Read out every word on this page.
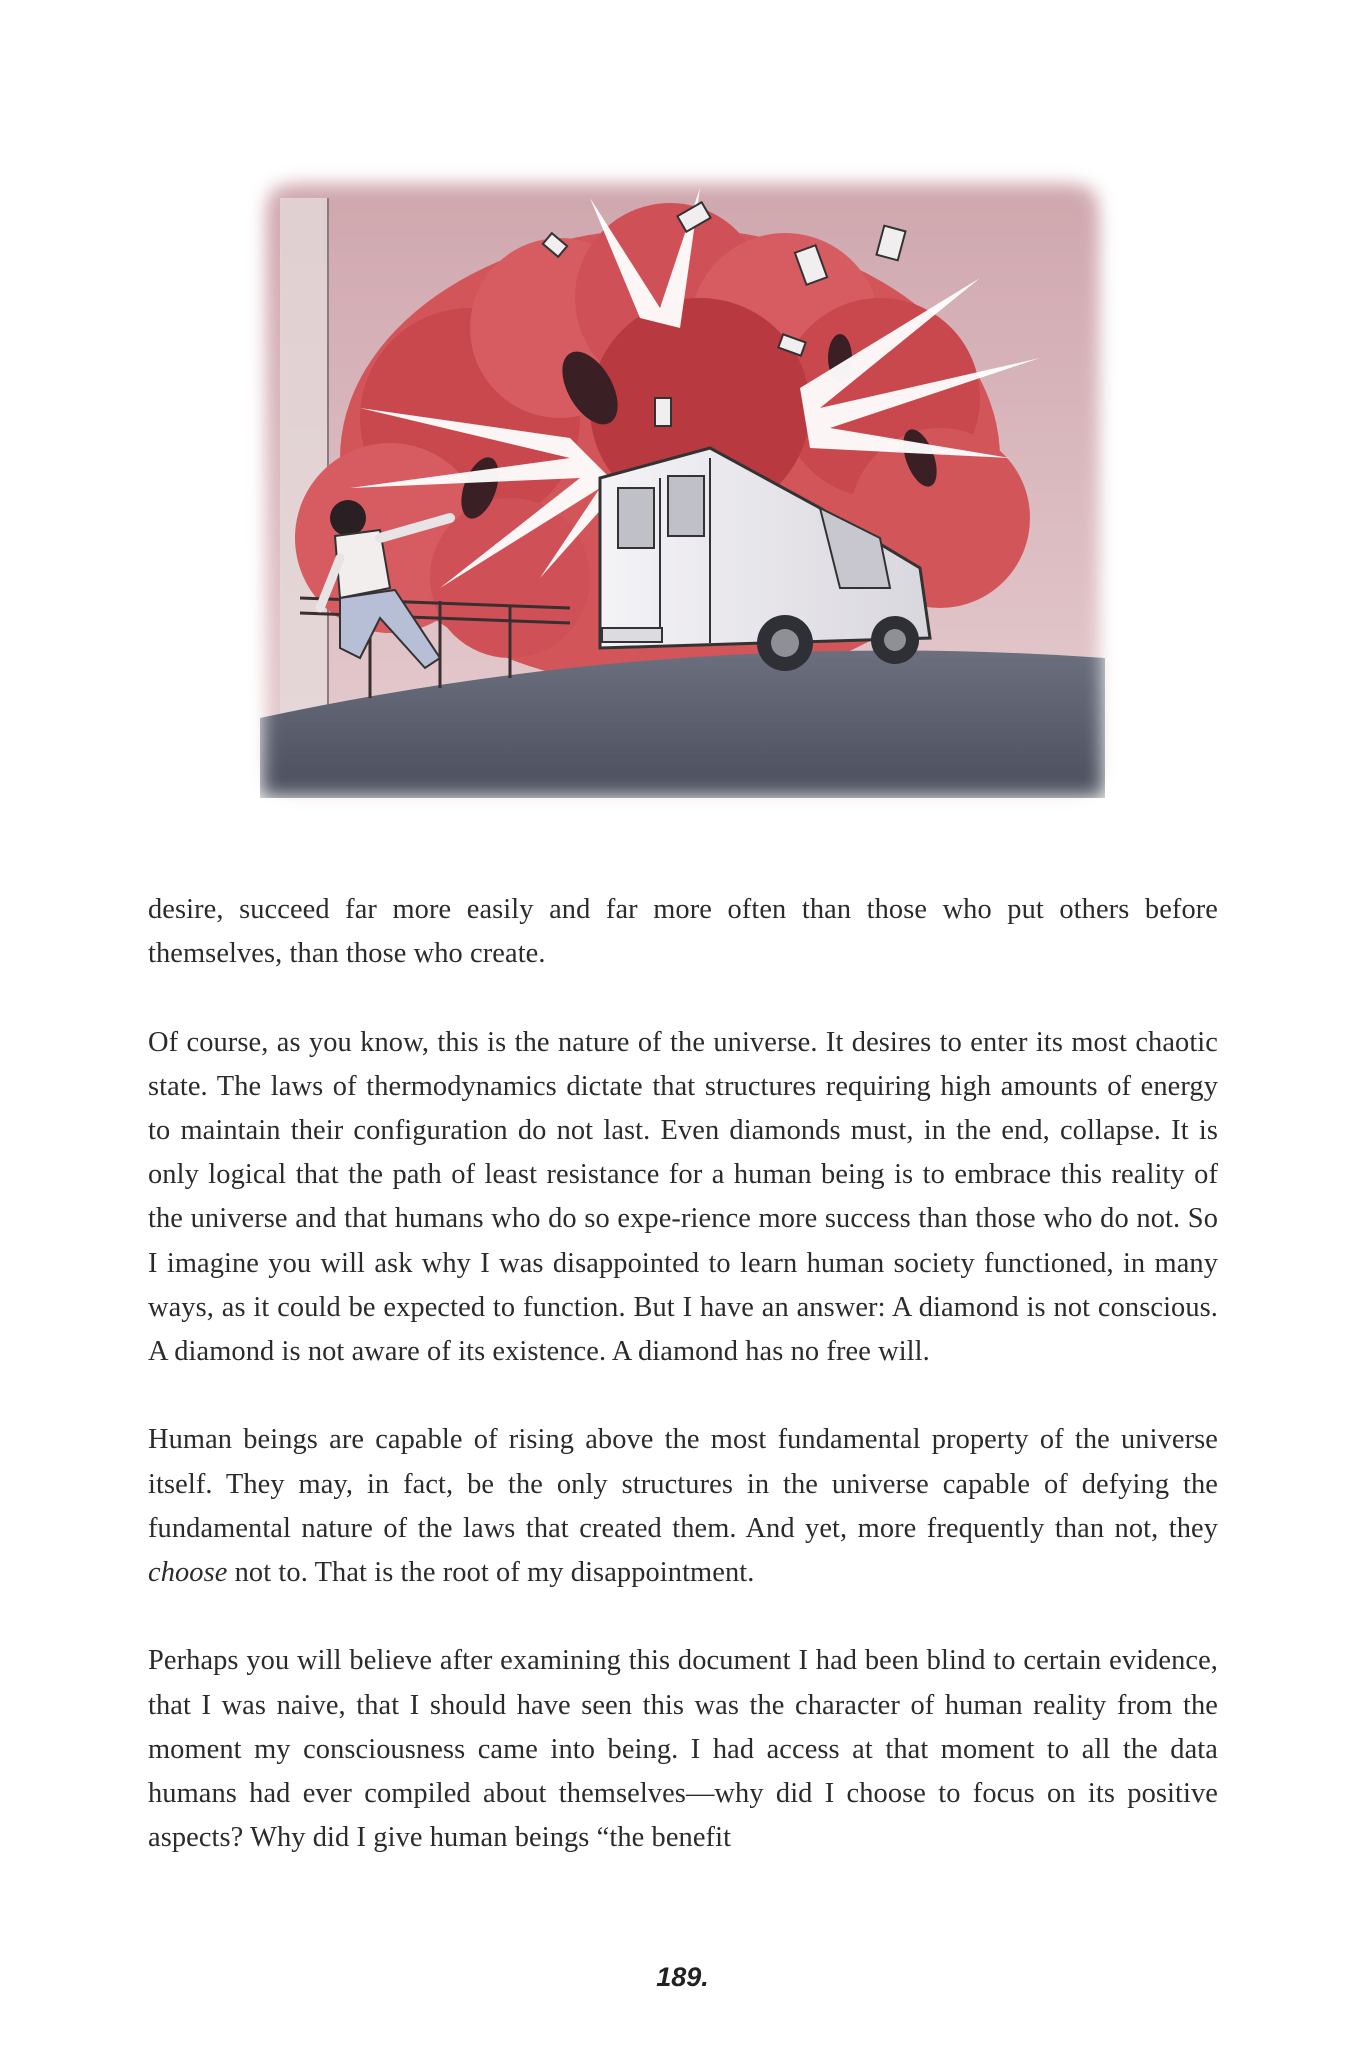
desire, succeed far more easily and far more often than those who put others before themselves, than those who create.

Of course, as you know, this is the nature of the universe. It desires to enter its most chaotic state. The laws of thermodynamics dictate that structures requiring high amounts of energy to maintain their configuration do not last. Even diamonds must, in the end, collapse. It is only logical that the path of least resistance for a human being is to embrace this reality of the universe and that humans who do so expe-rience more success than those who do not. So I imagine you will ask why I was disappointed to learn human society functioned, in many ways, as it could be expected to function. But I have an answer: A diamond is not conscious. A diamond is not aware of its existence. A diamond has no free will.

Human beings are capable of rising above the most fundamental property of the universe itself. They may, in fact, be the only structures in the universe capable of defying the fundamental nature of the laws that created them. And yet, more frequently than not, they choose not to. That is the root of my disappointment.

Perhaps you will believe after examining this document I had been blind to certain evidence, that I was naive, that I should have seen this was the character of human reality from the moment my consciousness came into being. I had access at that moment to all the data humans had ever compiled about themselves—why did I choose to focus on its positive aspects? Why did I give human beings “the benefit

189.
